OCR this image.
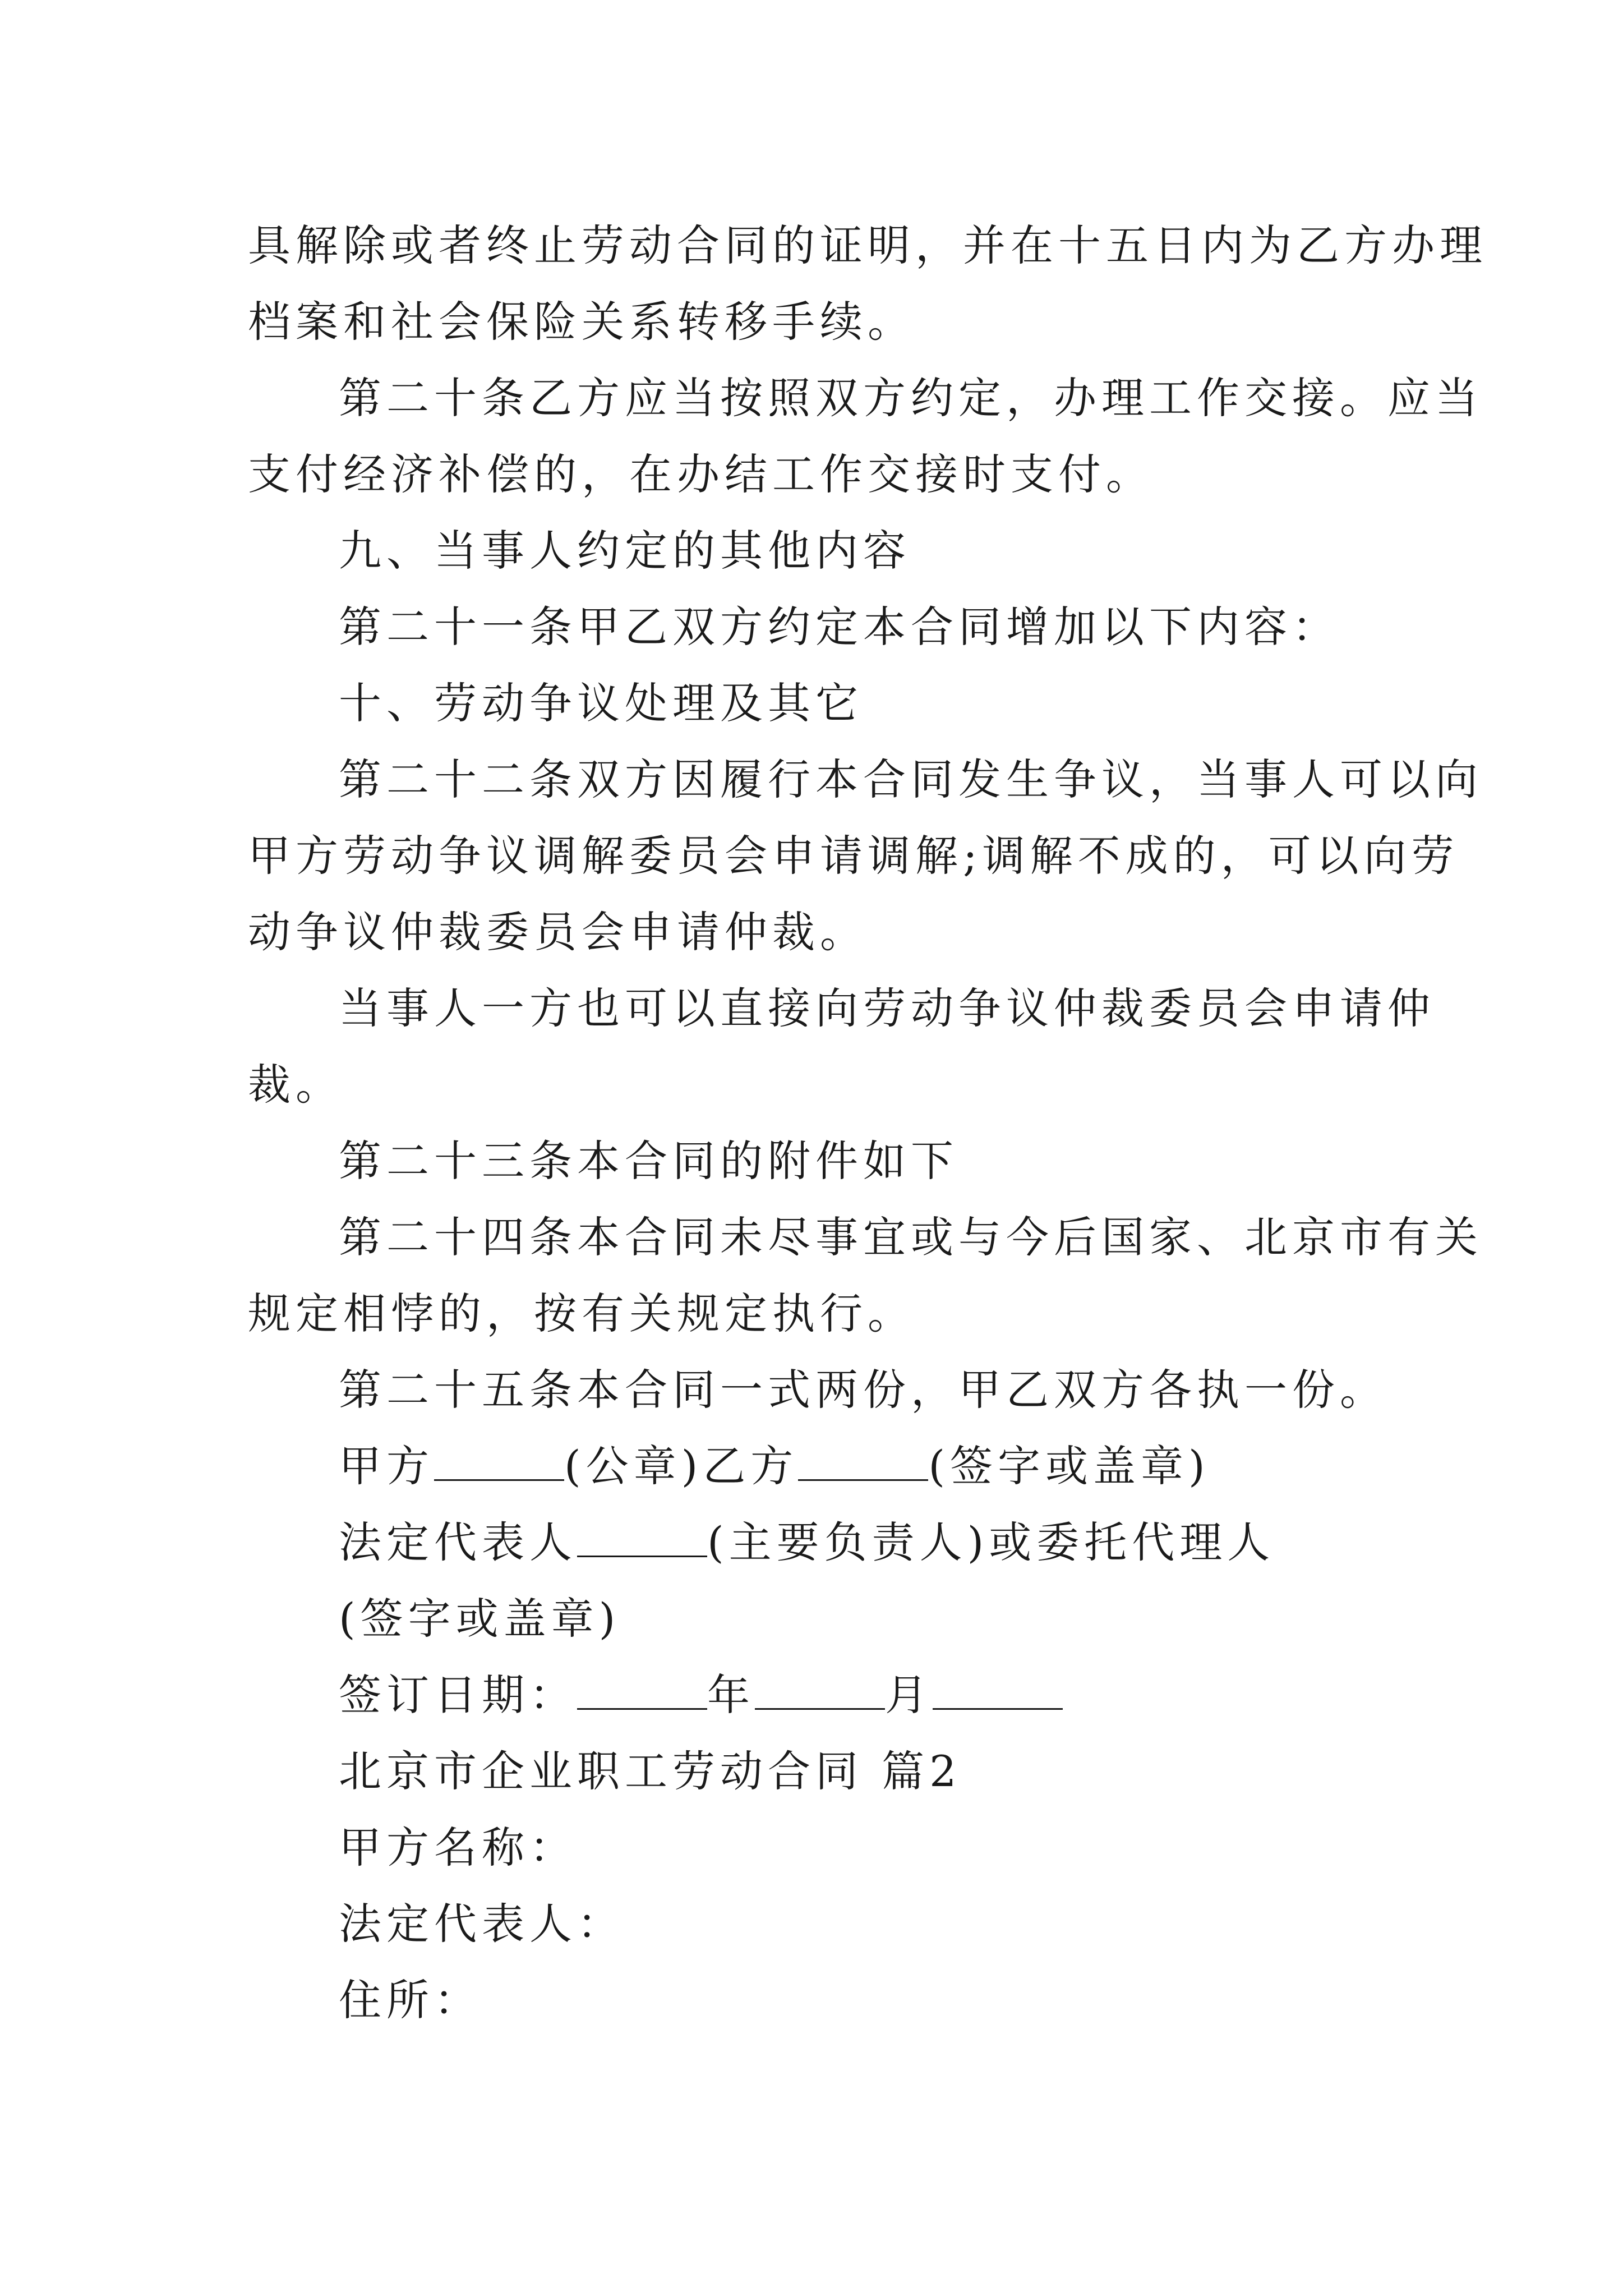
具解除或者终止劳动合同的证明，并在十五日内为乙方办理
档案和社会保险关系转移手续。
第二十条乙方应当按照双方约定，办理工作交接。应当
支付经济补偿的，在办结工作交接时支付。
九、当事人约定的其他内容
第二十一条甲乙双方约定本合同增加以下内容：
十、劳动争议处理及其它
第二十二条双方因履行本合同发生争议，当事人可以向
甲方劳动争议调解委员会申请调解;调解不成的，可以向劳
动争议仲裁委员会申请仲裁。
当事人一方也可以直接向劳动争议仲裁委员会申请仲
裁。
第二十三条本合同的附件如下
第二十四条本合同未尽事宜或与今后国家、北京市有关
规定相悖的，按有关规定执行。
第二十五条本合同一式两份，甲乙双方各执一份。
甲方	(公章)乙方	(签字或盖章)
法定代表人	(主要负责人)或委托代理人
(签字或盖章)
签订日期：	年	月
北京市企业职工劳动合同 篇2
甲方名称：
法定代表人：
住所：
